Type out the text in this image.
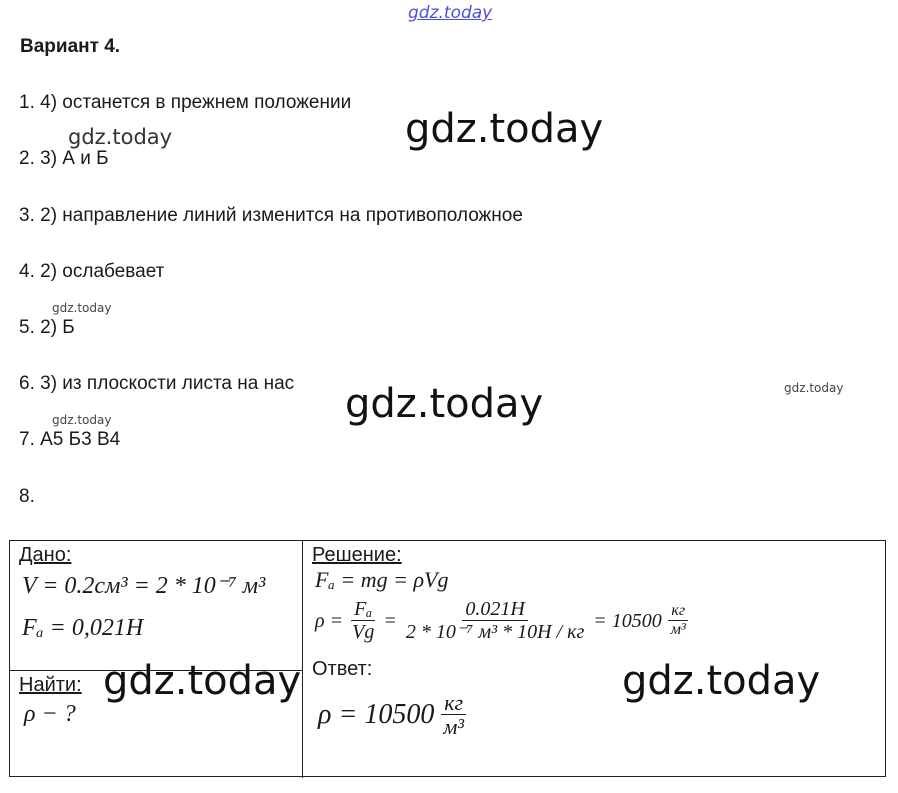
gdz.today
gdz.today
gdz.today
gdz.today
gdz.today	gdz.today
gdz.today
Вариант 4.
1. 4) останется в прежнем положении
2. 3) А и Б
3. 2) направление линий изменится на противоположное
4. 2) ослабевает
5. 2) Б
6. 3) из плоскости листа на нас
7. А5 Б3 В4
8.
Дано:
V = 0.2см³ = 2 * 10⁻⁷ м³
Fₐ = 0,021Н
Найти:
ρ − ?
Решение:
Fₐ = mg = ρVg
$\rho = \frac{\text{Fₐ}}{Vg} = \frac{0.021Н}{\text{2 * 10⁻⁷ м³ * 10Н / кг}} = 10500 \frac{кг}{\text{м³}}$
Ответ:
$\rho = 10500 \frac{кг}{\text{м³}}$
gdz.today	gdz.today
